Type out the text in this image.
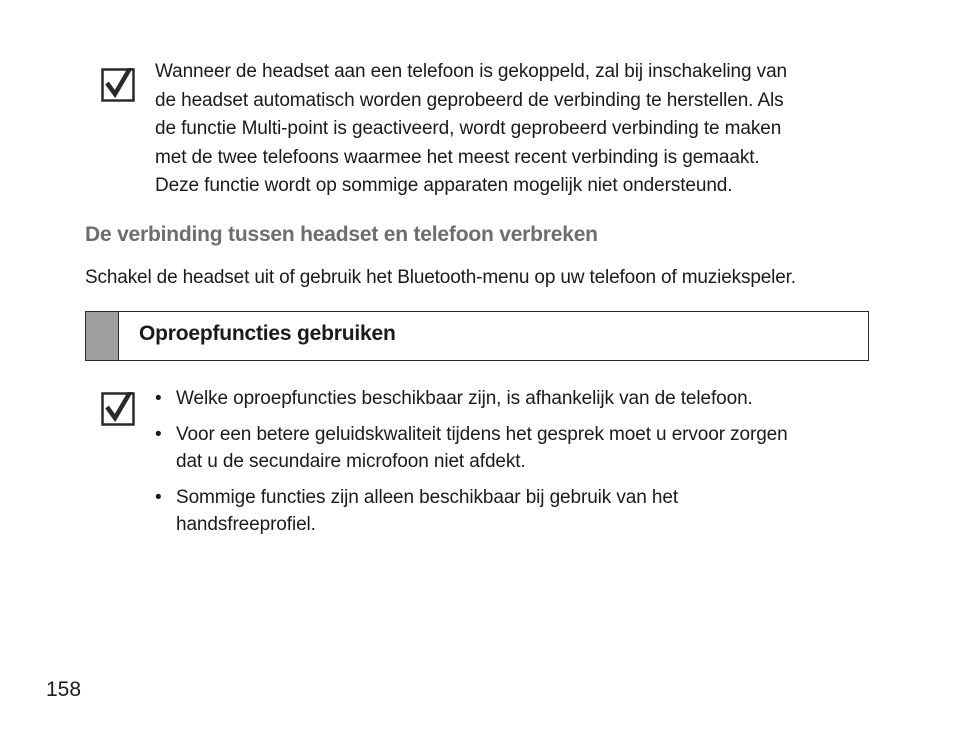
Wanneer de headset aan een telefoon is gekoppeld, zal bij inschakeling van

de headset automatisch worden geprobeerd de verbinding te herstellen. Als

de functie Multi-point is geactiveerd, wordt geprobeerd verbinding te maken

met de twee telefoons waarmee het meest recent verbinding is gemaakt.

Deze functie wordt op sommige apparaten mogelijk niet ondersteund.

De verbinding tussen headset en telefoon verbreken
Schakel de headset uit of gebruik het Bluetooth-menu op uw telefoon of muziekspeler.
Oproepfuncties gebruiken
• Welke oproepfuncties beschikbaar zijn, is afhankelijk van de telefoon.
• Voor een betere geluidskwaliteit tijdens het gesprek moet u ervoor zorgen
dat u de secundaire microfoon niet afdekt.
• Sommige functies zijn alleen beschikbaar bij gebruik van het
handsfreeprofiel.
158
